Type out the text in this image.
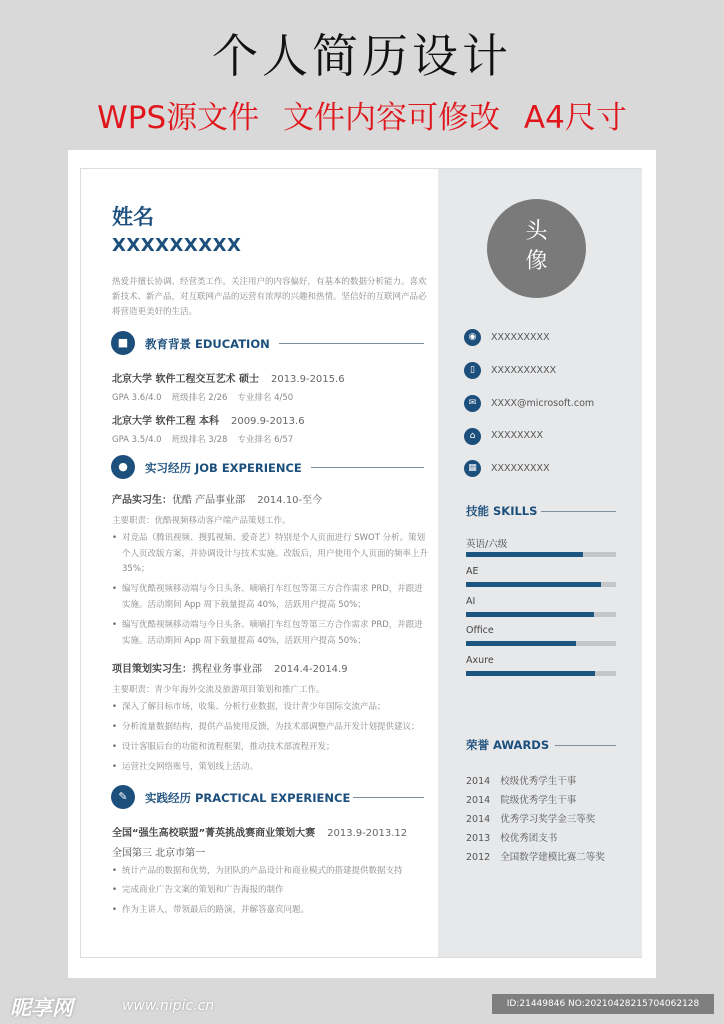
个人简历设计
WPS源文件 文件内容可修改 A4尺寸
姓名
XXXXXXXXX
热爱并擅长协调、经营类工作。关注用户的内容偏好，有基本的数据分析能力。喜欢新技术、新产品，对互联网产品的运营有浓厚的兴趣和热情。坚信好的互联网产品必将营造更美好的生活。
■	教育背景 EDUCATION
北京大学 软件工程交互艺术 硕士 2013.9-2015.6
GPA 3.6/4.0 班级排名 2/26 专业排名 4/50
北京大学 软件工程 本科 2009.9-2013.6
GPA 3.5/4.0 班级排名 3/28 专业排名 6/57
●	实习经历 JOB EXPERIENCE
产品实习生：优酷 产品事业部 2014.10-至今
主要职责：优酷视频移动客户端产品策划工作。
• 对竞品（腾讯视频、搜狐视频、爱奇艺）特别是个人页面进行 SWOT 分析。策划个人页改版方案，并协调设计与技术实施。改版后，用户使用个人页面的频率上升 35%；
• 编写优酷视频移动端与今日头条、嘀嘀打车红包等第三方合作需求 PRD，并跟进实施。活动期间 App 周下载量提高 40%，活跃用户提高 50%；
• 编写优酷视频移动端与今日头条、嘀嘀打车红包等第三方合作需求 PRD，并跟进实施。活动期间 App 周下载量提高 40%，活跃用户提高 50%；
项目策划实习生：携程业务事业部 2014.4-2014.9
主要职责：青少年海外交流及旅游项目策划和推广工作。
• 深入了解目标市场，收集、分析行业数据，设计青少年国际交流产品；
• 分析流量数据结构，提供产品使用反馈，为技术部调整产品开发计划提供建议；
• 设计客服后台的功能和流程框架，推动技术部流程开发；
• 运营社交网络账号，策划线上活动。
✎	实践经历 PRACTICAL EXPERIENCE
全国“强生高校联盟”菁英挑战赛商业策划大赛 2013.9-2013.12
全国第三 北京市第一
• 统计产品的数据和优势，为团队的产品设计和商业模式的搭建提供数据支持
• 完成商业广告文案的策划和广告海报的制作
• 作为主讲人，带领最后的路演，并解答嘉宾问题。
头
像
◉	XXXXXXXXX
▯	XXXXXXXXXX
✉	XXXX@microsoft.com
⌂	XXXXXXXX
▦	XXXXXXXXX
技能 SKILLS
英语/六级
AE
AI
Office
Axure
荣誉 AWARDS
2014 校级优秀学生干事
2014 院级优秀学生干事
2014 优秀学习奖学金三等奖
2013 校优秀团支书
2012 全国数学建模比赛二等奖
昵享网	www.nipic.cn	ID:21449846 NO:20210428215704062128
